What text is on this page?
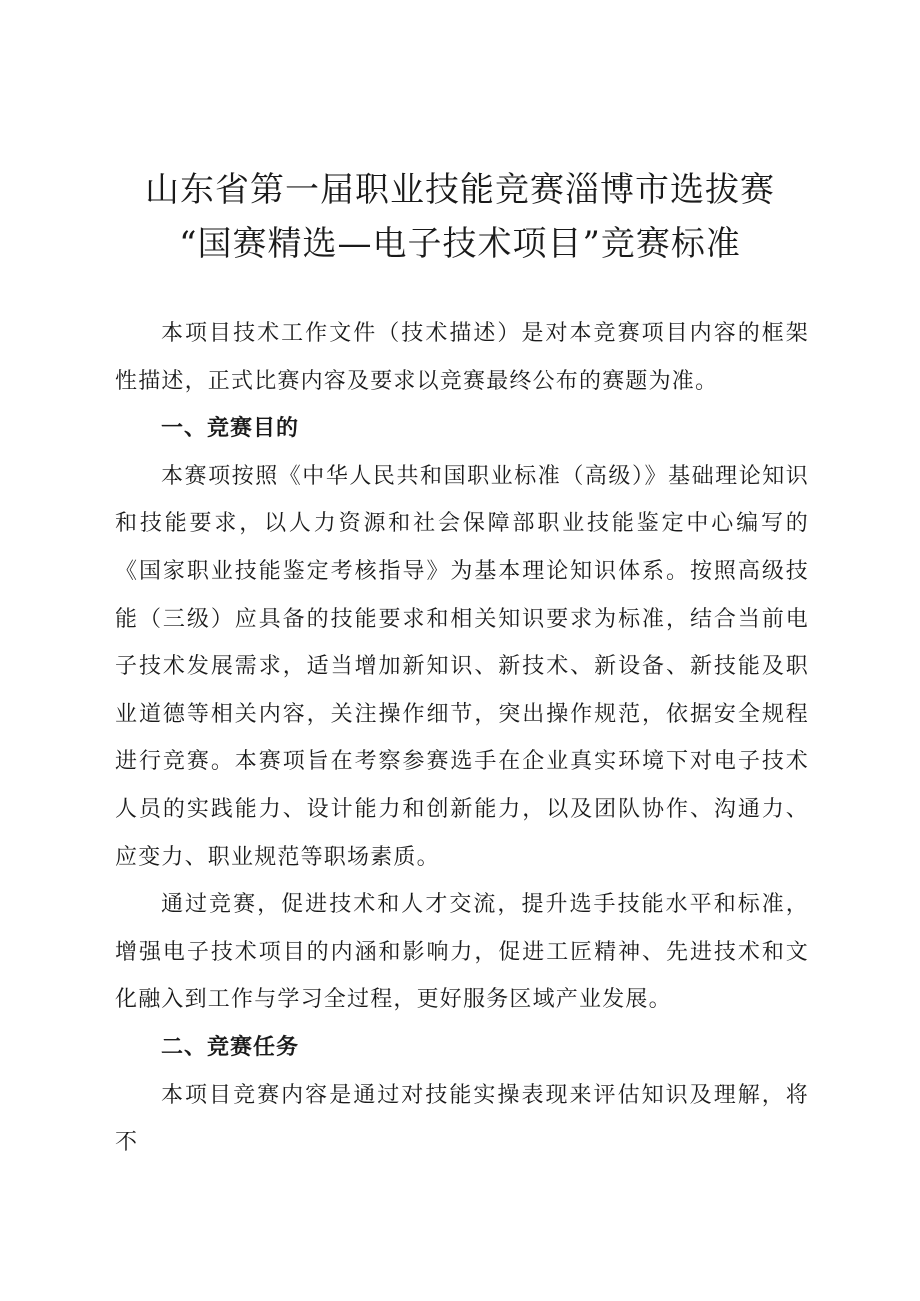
山东省第一届职业技能竞赛淄博市选拔赛

“国赛精选—电子技术项目”竞赛标准

本项目技术工作文件（技术描述）是对本竞赛项目内容的框架性描述，正式比赛内容及要求以竞赛最终公布的赛题为准。

一、竞赛目的

本赛项按照《中华人民共和国职业标准（高级）》基础理论知识和技能要求，以人力资源和社会保障部职业技能鉴定中心编写的《国家职业技能鉴定考核指导》为基本理论知识体系。按照高级技能（三级）应具备的技能要求和相关知识要求为标准，结合当前电子技术发展需求，适当增加新知识、新技术、新设备、新技能及职业道德等相关内容，关注操作细节，突出操作规范，依据安全规程进行竞赛。本赛项旨在考察参赛选手在企业真实环境下对电子技术人员的实践能力、设计能力和创新能力，以及团队协作、沟通力、应变力、职业规范等职场素质。

通过竞赛，促进技术和人才交流，提升选手技能水平和标准，增强电子技术项目的内涵和影响力，促进工匠精神、先进技术和文化融入到工作与学习全过程，更好服务区域产业发展。

二、竞赛任务

本项目竞赛内容是通过对技能实操表现来评估知识及理解，将不
